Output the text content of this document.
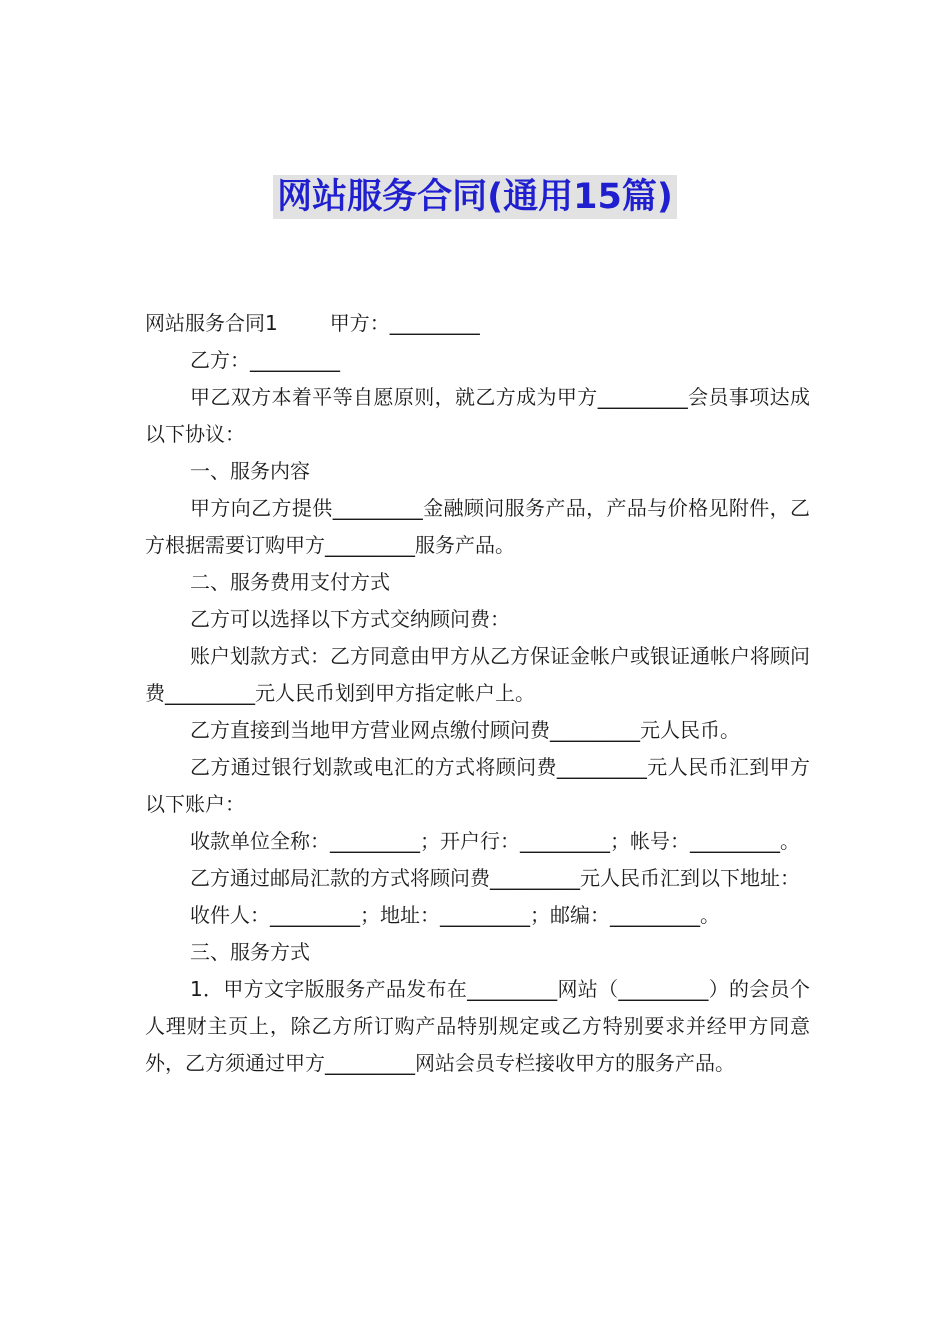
网站服务合同(通用15篇)

网站服务合同1	甲方：_________

乙方：_________

甲乙双方本着平等自愿原则，就乙方成为甲方_________会员事项达成以下协议：

一、服务内容

甲方向乙方提供_________金融顾问服务产品，产品与价格见附件，乙方根据需要订购甲方_________服务产品。

二、服务费用支付方式

乙方可以选择以下方式交纳顾问费：

账户划款方式：乙方同意由甲方从乙方保证金帐户或银证通帐户将顾问费_________元人民币划到甲方指定帐户上。

乙方直接到当地甲方营业网点缴付顾问费_________元人民币。

乙方通过银行划款或电汇的方式将顾问费_________元人民币汇到甲方以下账户：

收款单位全称：_________；开户行：_________；帐号：_________。

乙方通过邮局汇款的方式将顾问费_________元人民币汇到以下地址：

收件人：_________；地址：_________；邮编：_________。

三、服务方式

1．甲方文字版服务产品发布在_________网站（_________）的会员个人理财主页上，除乙方所订购产品特别规定或乙方特别要求并经甲方同意外，乙方须通过甲方_________网站会员专栏接收甲方的服务产品。
